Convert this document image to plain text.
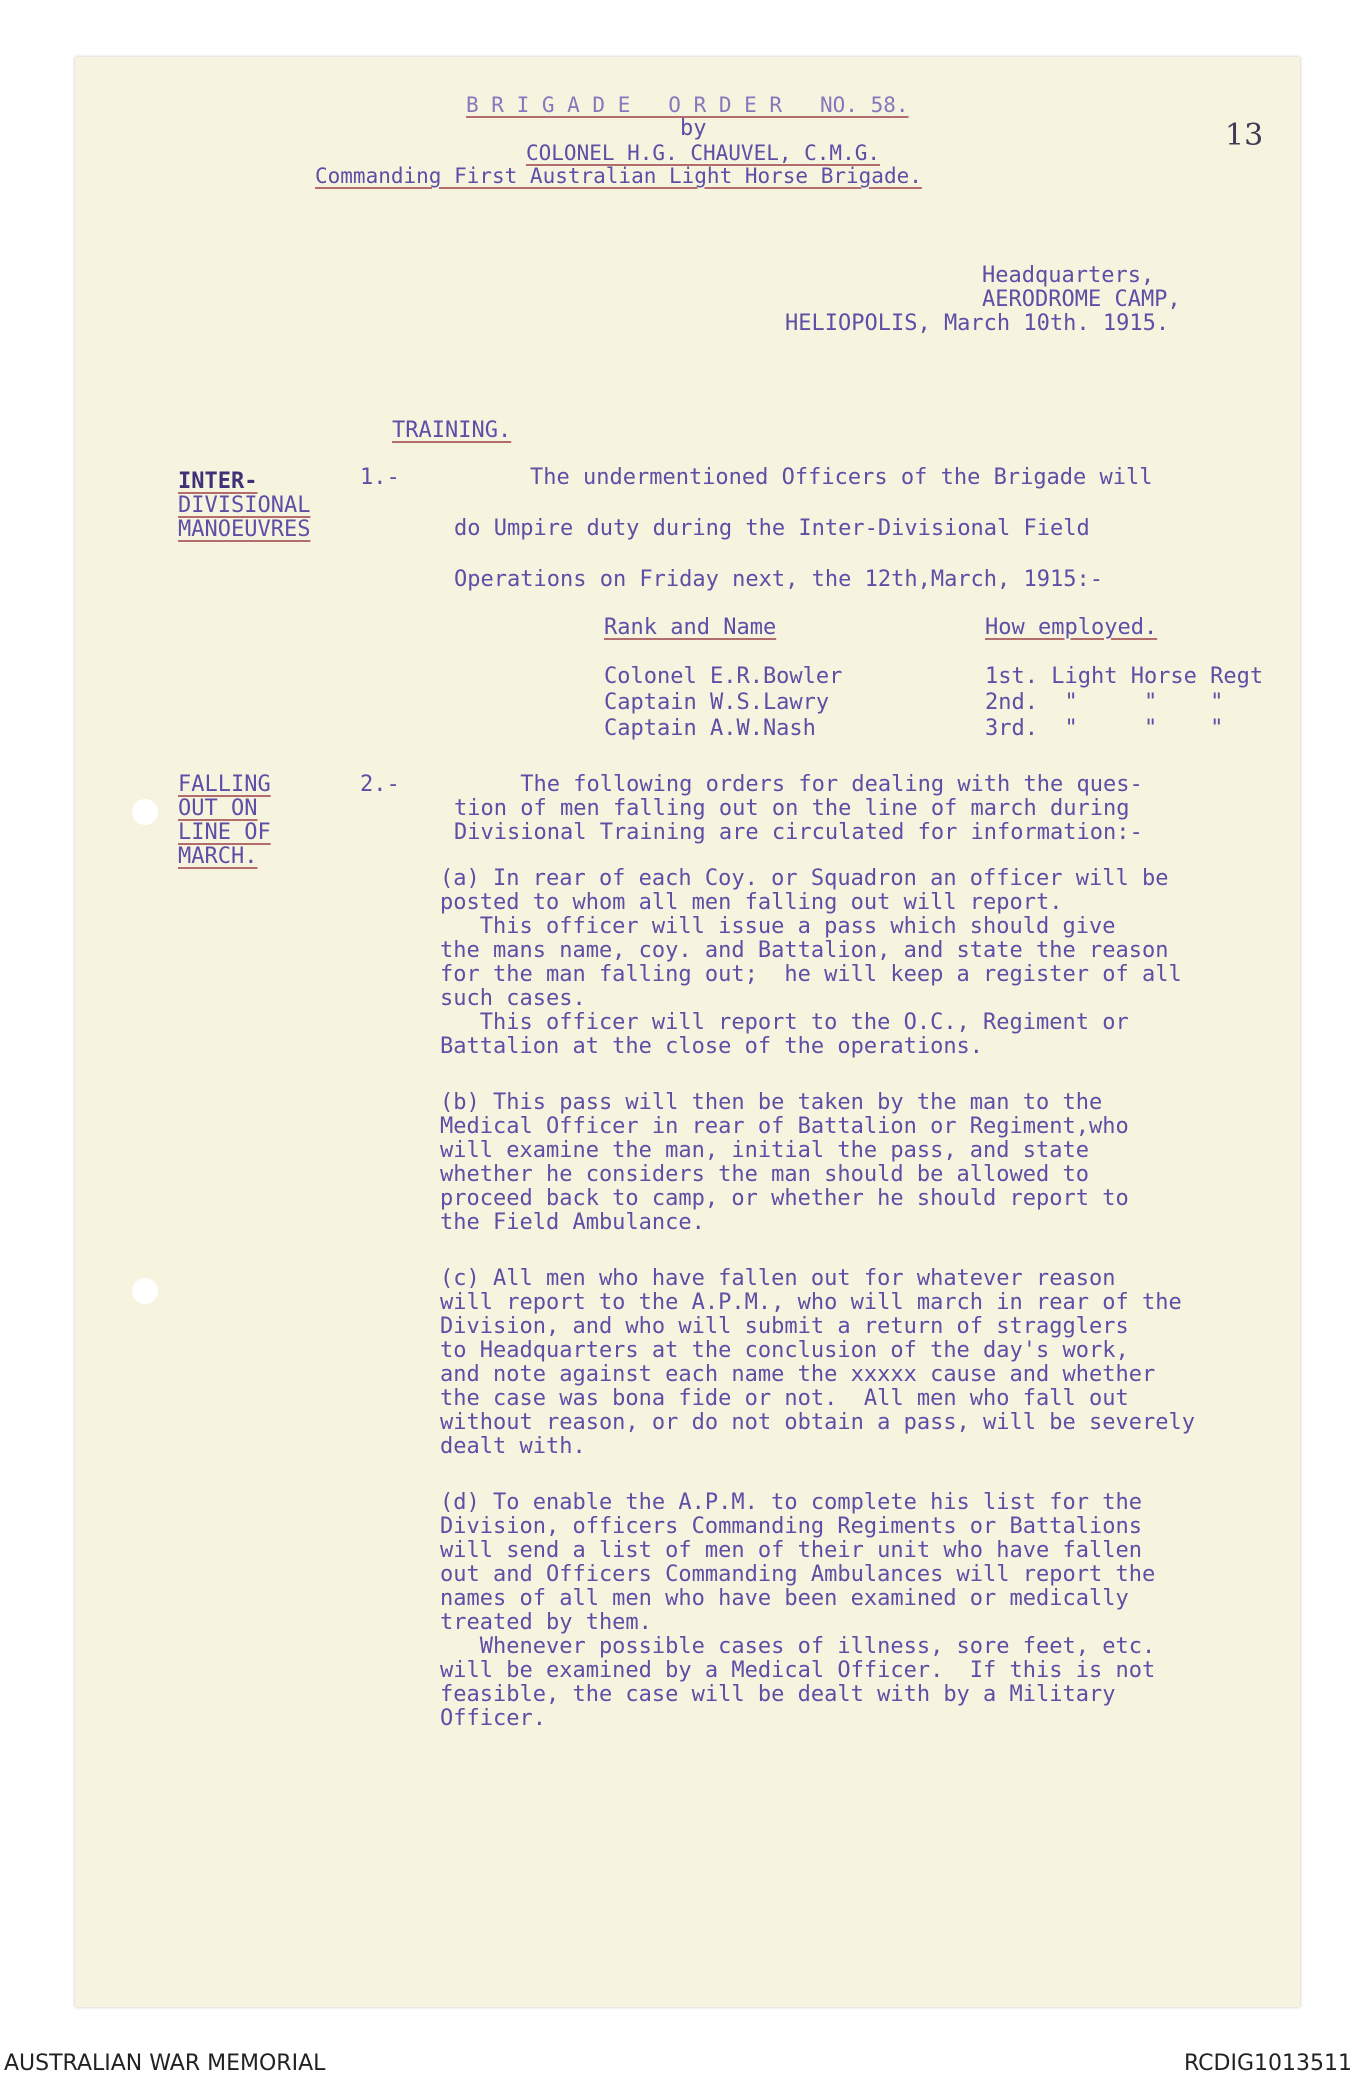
B R I G A D E   O R D E R   NO. 58.
by
COLONEL H.G. CHAUVEL, C.M.G.
Commanding First Australian Light Horse Brigade.
13
Headquarters,
AERODROME CAMP,
HELIOPOLIS, March 10th. 1915.
TRAINING.
INTER-
DIVISIONAL
MANOEUVRES
1.-	The undermentioned Officers of the Brigade will
do Umpire duty during the Inter-Divisional Field
Operations on Friday next, the 12th,March, 1915:-
Rank and Name	How employed.
Colonel E.R.Bowler	1st. Light Horse Regt
Captain W.S.Lawry	2nd.  "     "    "
Captain A.W.Nash	3rd.  "     "    "
FALLING
OUT ON
LINE OF
MARCH.
2.- The following orders for dealing with the ques-
tion of men falling out on the line of march during
Divisional Training are circulated for information:-
(a) In rear of each Coy. or Squadron an officer will be
posted to whom all men falling out will report.
This officer will issue a pass which should give
the mans name, coy. and Battalion, and state the reason
for the man falling out;  he will keep a register of all
such cases.
This officer will report to the O.C., Regiment or
Battalion at the close of the operations.
(b) This pass will then be taken by the man to the
Medical Officer in rear of Battalion or Regiment,who
will examine the man, initial the pass, and state
whether he considers the man should be allowed to
proceed back to camp, or whether he should report to
the Field Ambulance.
(c) All men who have fallen out for whatever reason
will report to the A.P.M., who will march in rear of the
Division, and who will submit a return of stragglers
to Headquarters at the conclusion of the day's work,
and note against each name the xxxxx cause and whether
the case was bona fide or not.  All men who fall out
without reason, or do not obtain a pass, will be severely
dealt with.
(d) To enable the A.P.M. to complete his list for the
Division, officers Commanding Regiments or Battalions
will send a list of men of their unit who have fallen
out and Officers Commanding Ambulances will report the
names of all men who have been examined or medically
treated by them.
Whenever possible cases of illness, sore feet, etc.
will be examined by a Medical Officer.  If this is not
feasible, the case will be dealt with by a Military
Officer.
AUSTRALIAN WAR MEMORIAL	RCDIG1013511
